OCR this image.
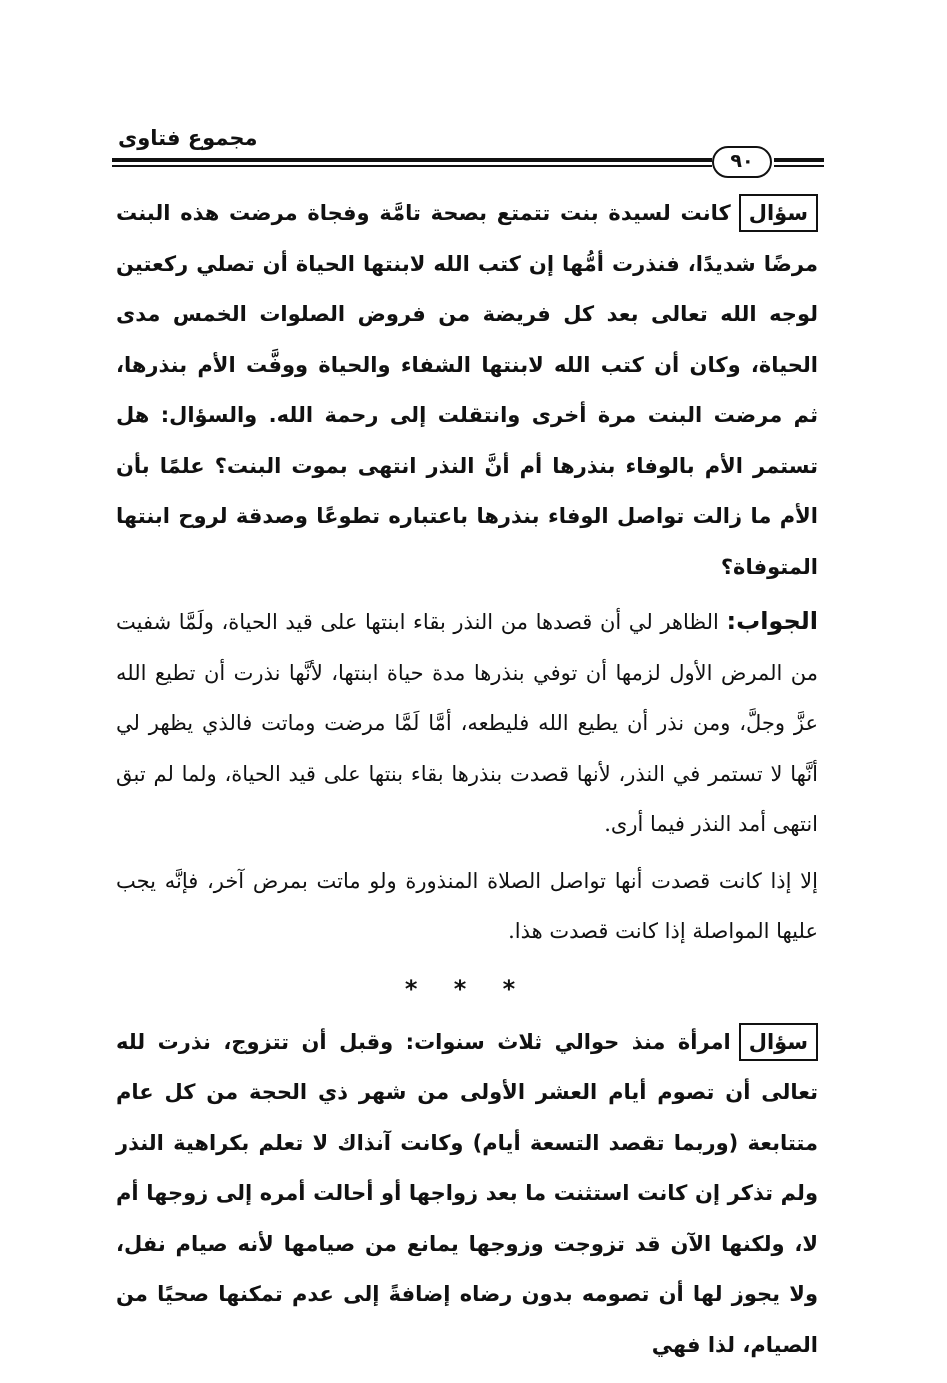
مجموع فتاوى
٩٠

سؤالكانت لسيدة بنت تتمتع بصحة تامَّة وفجاة مرضت هذه البنت مرضًا شديدًا، فنذرت أمُّها إن كتب الله لابنتها الحياة أن تصلي ركعتين لوجه الله تعالى بعد كل فريضة من فروض الصلوات الخمس مدى الحياة، وكان أن كتب الله لابنتها الشفاء والحياة ووفَّت الأم بنذرها، ثم مرضت البنت مرة أخرى وانتقلت إلى رحمة الله. والسؤال: هل تستمر الأم بالوفاء بنذرها أم أنَّ النذر انتهى بموت البنت؟ علمًا بأن الأم ما زالت تواصل الوفاء بنذرها باعتباره تطوعًا وصدقة لروح ابنتها المتوفاة؟

الجواب: الظاهر لي أن قصدها من النذر بقاء ابنتها على قيد الحياة، ولَمَّا شفيت من المرض الأول لزمها أن توفي بنذرها مدة حياة ابنتها، لأنَّها نذرت أن تطيع الله عزَّ وجلَّ، ومن نذر أن يطيع الله فليطعه، أمَّا لَمَّا مرضت وماتت فالذي يظهر لي أنَّها لا تستمر في النذر، لأنها قصدت بنذرها بقاء بنتها على قيد الحياة، ولما لم تبق انتهى أمد النذر فيما أرى.

إلا إذا كانت قصدت أنها تواصل الصلاة المنذورة ولو ماتت بمرض آخر، فإنَّه يجب عليها المواصلة إذا كانت قصدت هذا.

* * *

سؤالامرأة منذ حوالي ثلاث سنوات: وقبل أن تتزوج، نذرت لله تعالى أن تصوم أيام العشر الأولى من شهر ذي الحجة من كل عام متتابعة (وربما تقصد التسعة أيام) وكانت آنذاك لا تعلم بكراهية النذر ولم تذكر إن كانت استثنت ما بعد زواجها أو أحالت أمره إلى زوجها أم لا، ولكنها الآن قد تزوجت وزوجها يمانع من صيامها لأنه صيام نفل، ولا يجوز لها أن تصومه بدون رضاه إضافةً إلى عدم تمكنها صحيًا من الصيام، لذا فهي
